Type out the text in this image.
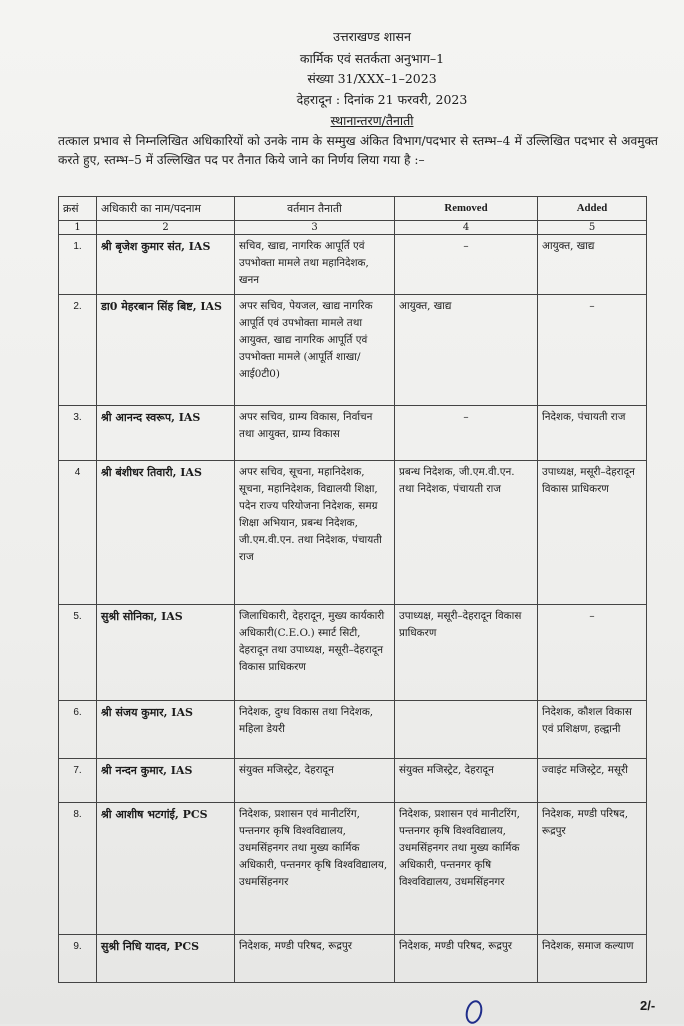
उत्तराखण्ड शासन
कार्मिक एवं सतर्कता अनुभाग–1
संख्या 31/XXX–1–2023
देहरादून : दिनांक 21 फरवरी, 2023
स्थानान्तरण/तैनाती
तत्काल प्रभाव से निम्नलिखित अधिकारियों को उनके नाम के सम्मुख अंकित विभाग/पदभार से स्तम्भ–4 में उल्लिखित पदभार से अवमुक्त करते हुए, स्तम्भ–5 में उल्लिखित पद पर तैनात किये जाने का निर्णय लिया गया है :–
क्रसं	अधिकारी का नाम/पदनाम	वर्तमान तैनाती	Removed	Added
1	2	3	4	5
1.	श्री बृजेश कुमार संत, IAS	सचिव, खाद्य, नागरिक आपूर्ति एवं उपभोक्ता मामले तथा महानिदेशक, खनन	–	आयुक्त, खाद्य
2.	डा0 मेहरबान सिंह बिष्ट, IAS	अपर सचिव, पेयजल, खाद्य नागरिक आपूर्ति एवं उपभोक्ता मामले तथा आयुक्त, खाद्य नागरिक आपूर्ति एवं उपभोक्ता मामले (आपूर्ति शाखा/आई0टी0)	आयुक्त, खाद्य	–
3.	श्री आनन्द स्वरूप, IAS	अपर सचिव, ग्राम्य विकास, निर्वाचन तथा आयुक्त, ग्राम्य विकास	–	निदेशक, पंचायती राज
4	श्री बंशीधर तिवारी, IAS	अपर सचिव, सूचना, महानिदेशक, सूचना, महानिदेशक, विद्यालयी शिक्षा, पदेन राज्य परियोजना निदेशक, समग्र शिक्षा अभियान, प्रबन्ध निदेशक, जी.एम.वी.एन. तथा निदेशक, पंचायती राज	प्रबन्ध निदेशक, जी.एम.वी.एन. तथा निदेशक, पंचायती राज	उपाध्यक्ष, मसूरी–देहरादून विकास प्राधिकरण
5.	सुश्री सोनिका, IAS	जिलाधिकारी, देहरादून, मुख्य कार्यकारी अधिकारी(C.E.O.) स्मार्ट सिटी, देहरादून तथा उपाध्यक्ष, मसूरी–देहरादून विकास प्राधिकरण	उपाध्यक्ष, मसूरी–देहरादून विकास प्राधिकरण	–
6.	श्री संजय कुमार, IAS	निदेशक, दुग्ध विकास तथा निदेशक, महिला डेयरी		निदेशक, कौशल विकास एवं प्रशिक्षण, हल्द्वानी
7.	श्री नन्दन कुमार, IAS	संयुक्त मजिस्ट्रेट, देहरादून	संयुक्त मजिस्ट्रेट, देहरादून	ज्वाइंट मजिस्ट्रेट, मसूरी
8.	श्री आशीष भटगांई, PCS	निदेशक, प्रशासन एवं मानीटरिंग, पन्तनगर कृषि विश्वविद्यालय, उधमसिंहनगर तथा मुख्य कार्मिक अधिकारी, पन्तनगर कृषि विश्वविद्यालय, उधमसिंहनगर	निदेशक, प्रशासन एवं मानीटरिंग, पन्तनगर कृषि विश्वविद्यालय, उधमसिंहनगर तथा मुख्य कार्मिक अधिकारी, पन्तनगर कृषि विश्वविद्यालय, उधमसिंहनगर	निदेशक, मण्डी परिषद, रूद्रपुर
9.	सुश्री निधि यादव, PCS	निदेशक, मण्डी परिषद, रूद्रपुर	निदेशक, मण्डी परिषद, रूद्रपुर	निदेशक, समाज कल्याण
2/-
